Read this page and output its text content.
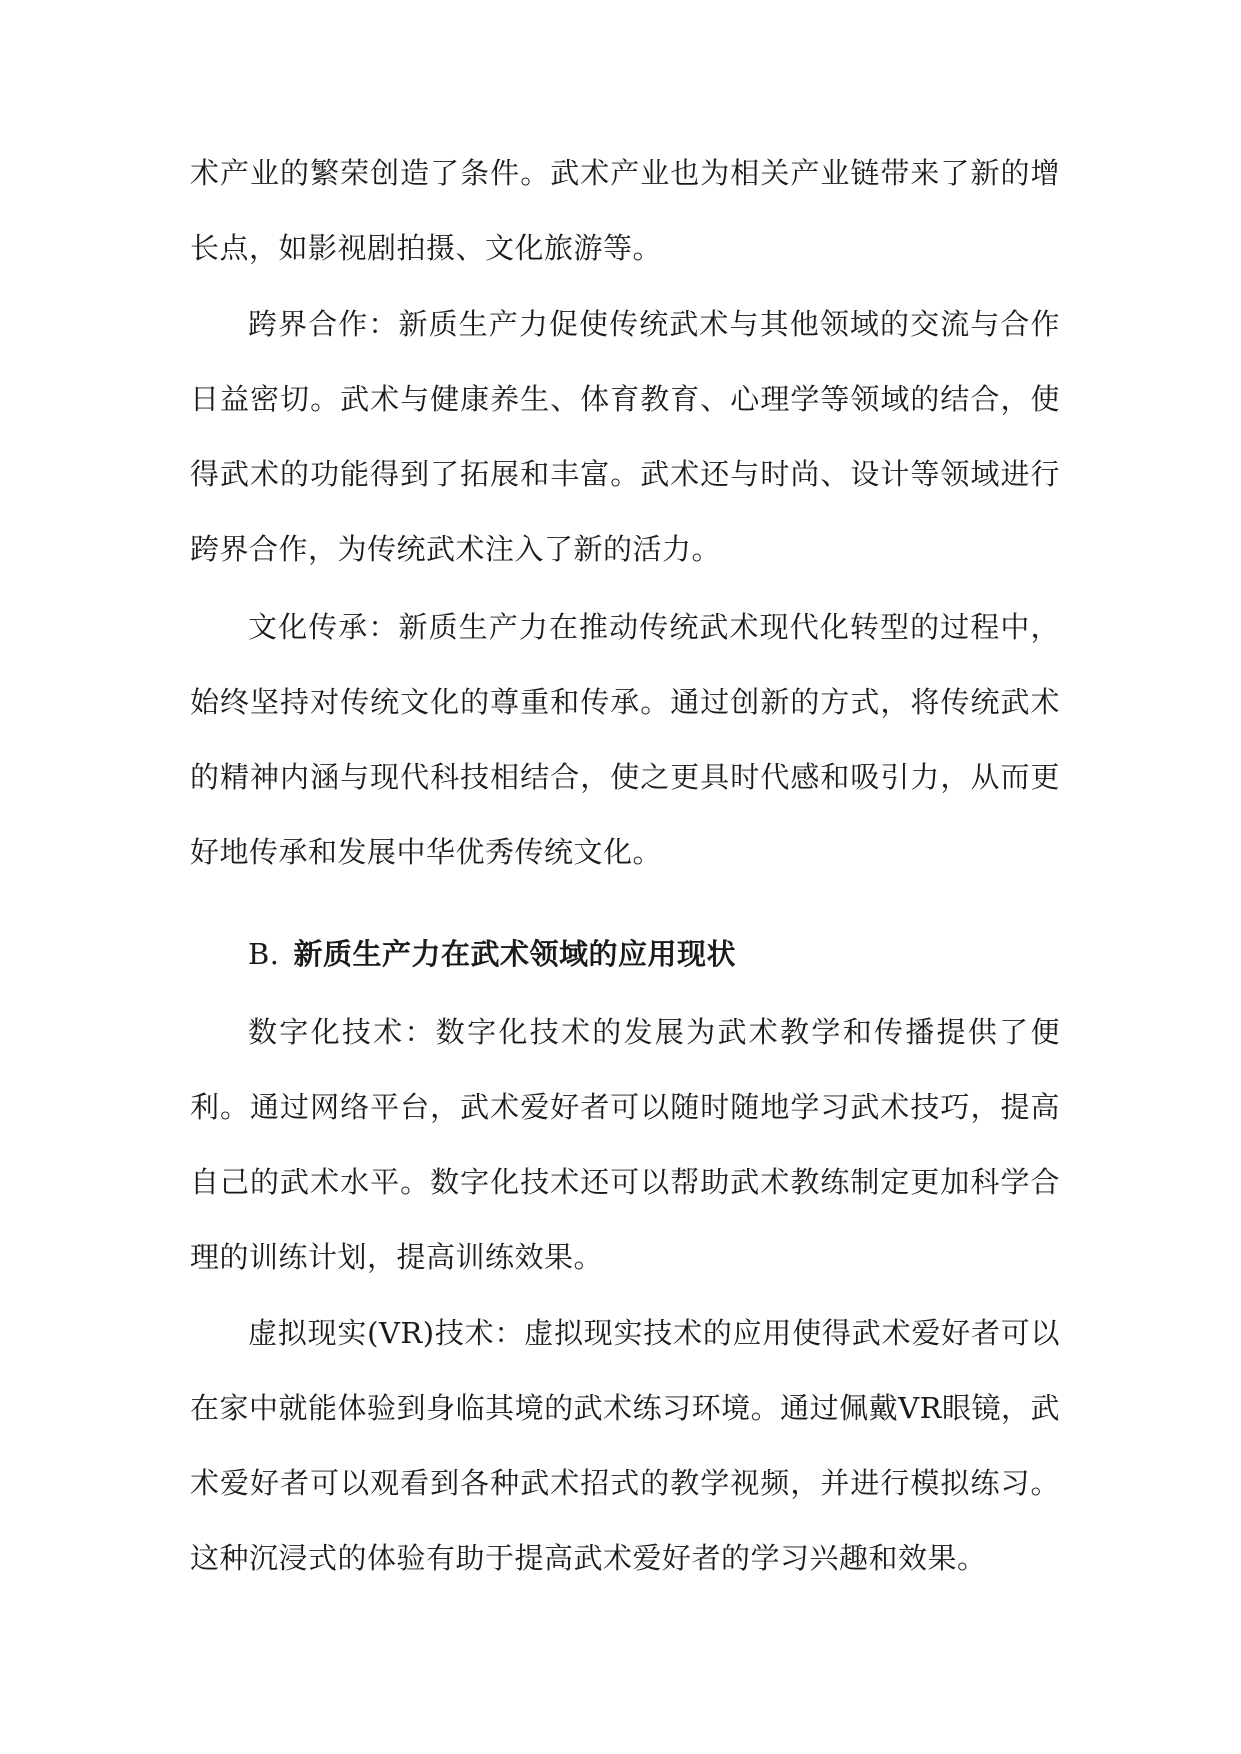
术产业的繁荣创造了条件。武术产业也为相关产业链带来了新的增长点，如影视剧拍摄、文化旅游等。

跨界合作：新质生产力促使传统武术与其他领域的交流与合作日益密切。武术与健康养生、体育教育、心理学等领域的结合，使得武术的功能得到了拓展和丰富。武术还与时尚、设计等领域进行跨界合作，为传统武术注入了新的活力。

文化传承：新质生产力在推动传统武术现代化转型的过程中，始终坚持对传统文化的尊重和传承。通过创新的方式，将传统武术的精神内涵与现代科技相结合，使之更具时代感和吸引力，从而更好地传承和发展中华优秀传统文化。

B. 新质生产力在武术领域的应用现状

数字化技术：数字化技术的发展为武术教学和传播提供了便利。通过网络平台，武术爱好者可以随时随地学习武术技巧，提高自己的武术水平。数字化技术还可以帮助武术教练制定更加科学合理的训练计划，提高训练效果。

虚拟现实(VR)技术：虚拟现实技术的应用使得武术爱好者可以在家中就能体验到身临其境的武术练习环境。通过佩戴VR眼镜，武术爱好者可以观看到各种武术招式的教学视频，并进行模拟练习。这种沉浸式的体验有助于提高武术爱好者的学习兴趣和效果。
